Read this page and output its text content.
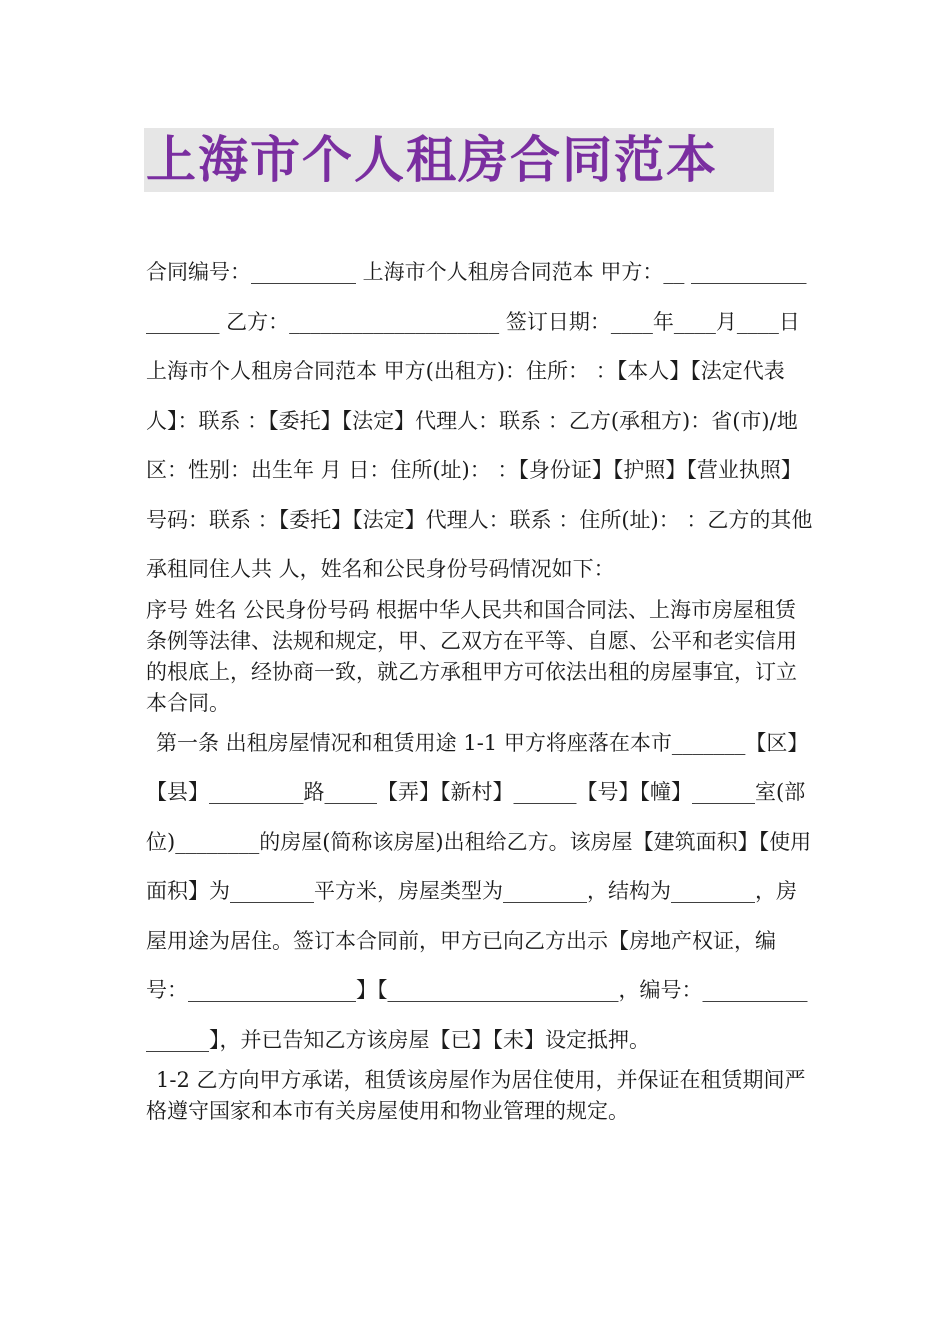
上海市个人租房合同范本

合同编号：__________ 上海市个人租房合同范本 甲方：__ __________________ 乙方：____________________ 签订日期：____年____月____日 上海市个人租房合同范本 甲方(出租方)：住所： ：【本人】【法定代表人】：联系 ：【委托】【法定】代理人：联系 ：乙方(承租方)：省(市)/地区：性别：出生年 月 日：住所(址)： ：【身份证】【护照】【营业执照】号码：联系 ：【委托】【法定】代理人：联系 ：住所(址)： ：乙方的其他承租同住人共 人，姓名和公民身份号码情况如下：

序号 姓名 公民身份号码 根据中华人民共和国合同法、上海市房屋租赁条例等法律、法规和规定，甲、乙双方在平等、自愿、公平和老实信用的根底上，经协商一致，就乙方承租甲方可依法出租的房屋事宜，订立本合同。

第一条 出租房屋情况和租赁用途 1-1 甲方将座落在本市_______【区】【县】_________路_____【弄】【新村】______【号】【幢】______室(部位)________的房屋(简称该房屋)出租给乙方。该房屋【建筑面积】【使用面积】为________平方米，房屋类型为________，结构为________，房屋用途为居住。签订本合同前，甲方已向乙方出示【房地产权证，编号：________________】【______________________，编号：________________】，并已告知乙方该房屋【已】【未】设定抵押。

1-2 乙方向甲方承诺，租赁该房屋作为居住使用，并保证在租赁期间严格遵守国家和本市有关房屋使用和物业管理的规定。
